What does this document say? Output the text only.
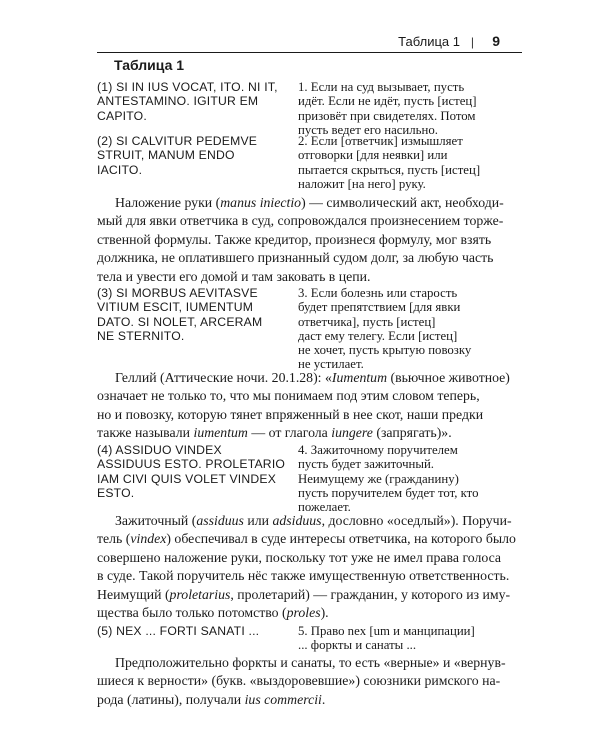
Таблица 1 | 9
Таблица 1
(1) SI IN IUS VOCAT, ITO. NI IT,
ANTESTAMINO. IGITUR EM
CAPITO.
1. Если на суд вызывает, пусть
идёт. Если не идёт, пусть [истец]
призовёт при свидетелях. Потом
пусть ведет его насильно.
(2) SI CALVITUR PEDEMVE
STRUIT, MANUM ENDO
IACITO.
2. Если [ответчик] измышляет
отговорки [для неявки] или
пытается скрыться, пусть [истец]
наложит [на него] руку.
Наложение руки (manus iniectio) — символический акт, необходи-
мый для явки ответчика в суд, сопровождался произнесением торже-
ственной формулы. Также кредитор, произнеся формулу, мог взять
должника, не оплатившего признанный судом долг, за любую часть
тела и увести его домой и там заковать в цепи.
(3) SI MORBUS AEVITASVE
VITIUM ESCIT, IUMENTUM
DATO. SI NOLET, ARCERAM
NE STERNITO.
3. Если болезнь или старость
будет препятствием [для явки
ответчика], пусть [истец]
даст ему телегу. Если [истец]
не хочет, пусть крытую повозку
не устилает.
Геллий (Аттические ночи. 20.1.28): «Iumentum (вьючное животное)
означает не только то, что мы понимаем под этим словом теперь,
но и повозку, которую тянет впряженный в нее скот, наши предки
также называли iumentum — от глагола iungere (запрягать)».
(4) ASSIDUO VINDEX
ASSIDUUS ESTO. PROLETARIO
IAM CIVI QUIS VOLET VINDEX
ESTO.
4. Зажиточному поручителем
пусть будет зажиточный.
Неимущему же (гражданину)
пусть поручителем будет тот, кто
пожелает.
Зажиточный (assiduus или adsiduus, дословно «оседлый»). Поручи-
тель (vindex) обеспечивал в суде интересы ответчика, на которого было
совершено наложение руки, поскольку тот уже не имел права голоса
в суде. Такой поручитель нёс также имущественную ответственность.
Неимущий (proletarius, пролетарий) — гражданин, у которого из иму-
щества было только потомство (proles).
(5) NEX ... FORTI SANATI ...	5. Право nex [um и манципации]
... форкты и санаты ...
Предположительно форкты и санаты, то есть «верные» и «вернув-
шиеся к верности» (букв. «выздоровевшие») союзники римского на-
рода (латины), получали ius commercii.
